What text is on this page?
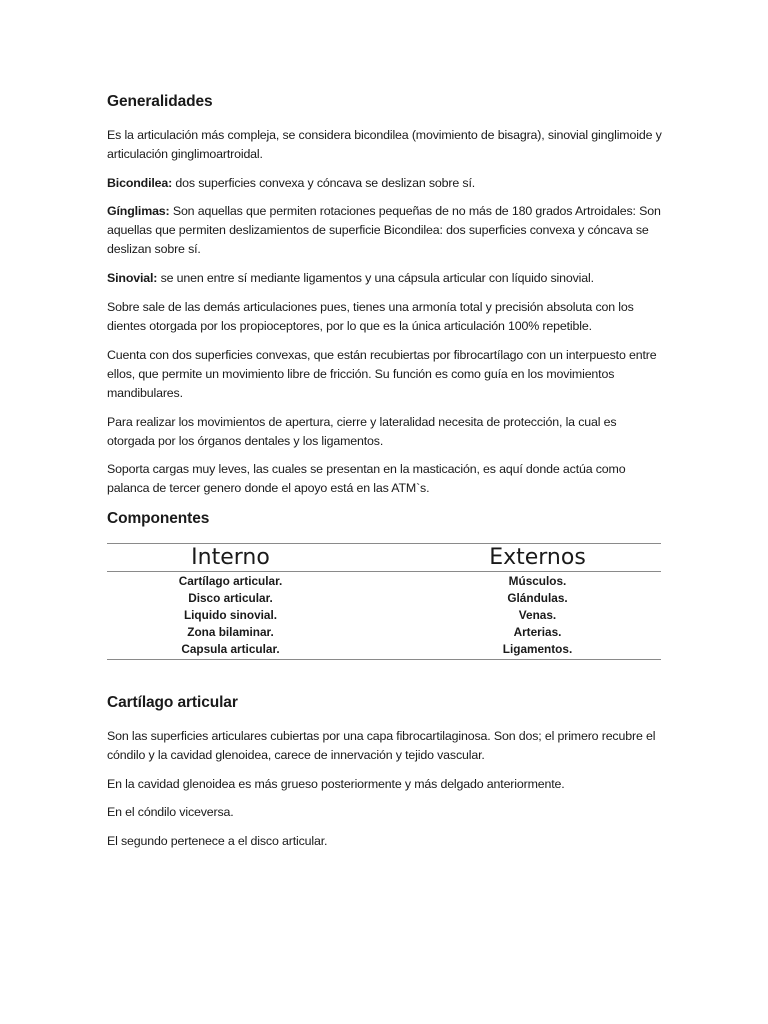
Generalidades

Es la articulación más compleja, se considera bicondilea (movimiento de bisagra), sinovial ginglimoide y articulación ginglimoartroidal.

Bicondilea: dos superficies convexa y cóncava se deslizan sobre sí.

Gínglimas: Son aquellas que permiten rotaciones pequeñas de no más de 180 grados Artroidales: Son aquellas que permiten deslizamientos de superficie Bicondilea: dos superficies convexa y cóncava se deslizan sobre sí.

Sinovial: se unen entre sí mediante ligamentos y una cápsula articular con líquido sinovial.

Sobre sale de las demás articulaciones pues, tienes una armonía total y precisión absoluta con los dientes otorgada por los propioceptores, por lo que es la única articulación 100% repetible.

Cuenta con dos superficies convexas, que están recubiertas por fibrocartílago con un interpuesto entre ellos, que permite un movimiento libre de fricción. Su función es como guía en los movimientos mandibulares.

Para realizar los movimientos de apertura, cierre y lateralidad necesita de protección, la cual es otorgada por los órganos dentales y los ligamentos.

Soporta cargas muy leves, las cuales se presentan en la masticación, es aquí donde actúa como palanca de tercer genero donde el apoyo está en las ATM`s.

Componentes
Interno	Externos
Cartílago articular.	Músculos.
Disco articular.	Glándulas.
Liquido sinovial.	Venas.
Zona bilaminar.	Arterias.
Capsula articular.	Ligamentos.
Cartílago articular

Son las superficies articulares cubiertas por una capa fibrocartilaginosa. Son dos; el primero recubre el cóndilo y la cavidad glenoidea, carece de innervación y tejido vascular.

En la cavidad glenoidea es más grueso posteriormente y más delgado anteriormente.

En el cóndilo viceversa.

El segundo pertenece a el disco articular.
